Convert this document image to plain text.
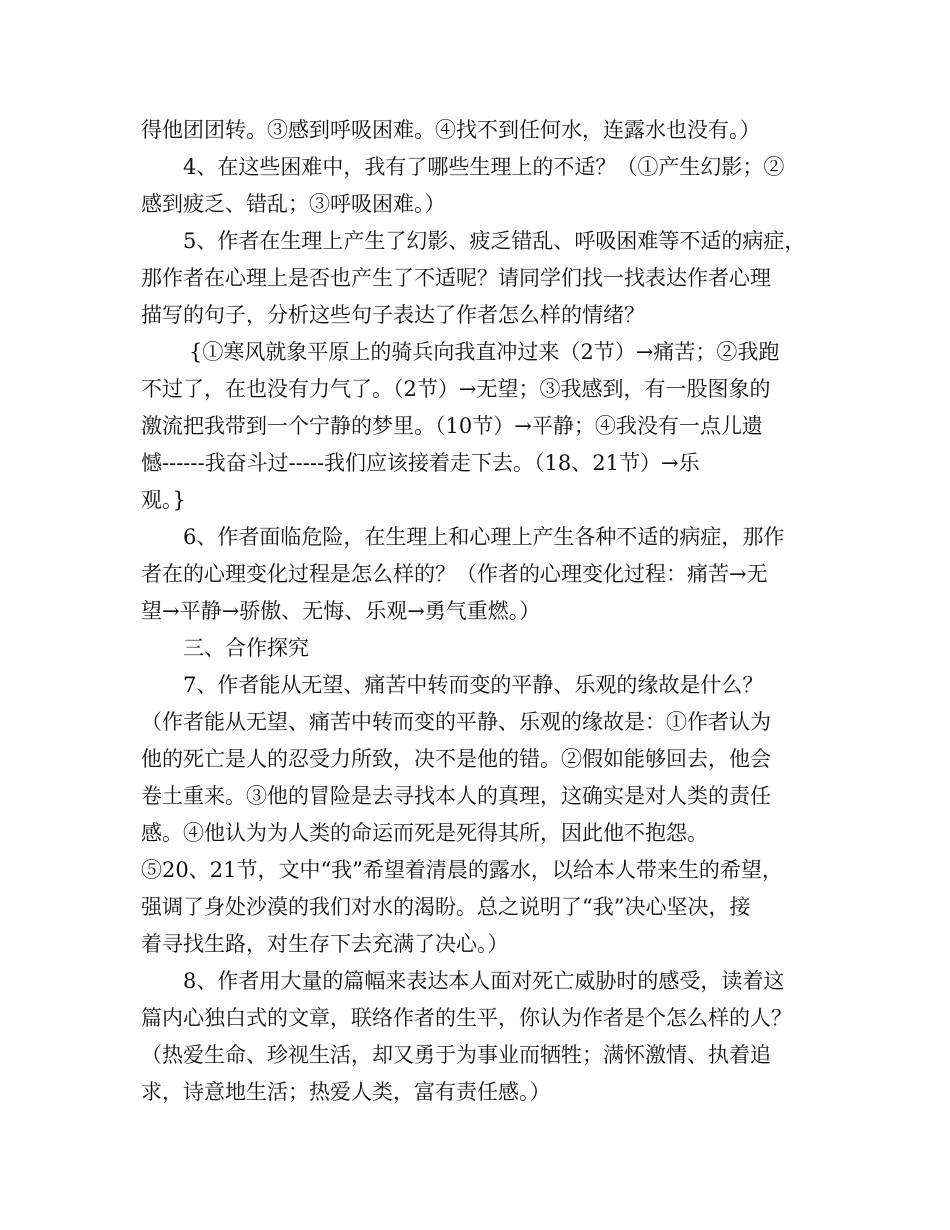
得他团团转。③感到呼吸困难。④找不到任何水，连露水也没有。）
4、在这些困难中，我有了哪些生理上的不适？（①产生幻影；②
感到疲乏、错乱；③呼吸困难。）
5、作者在生理上产生了幻影、疲乏错乱、呼吸困难等不适的病症，
那作者在心理上是否也产生了不适呢？请同学们找一找表达作者心理
描写的句子，分析这些句子表达了作者怎么样的情绪？
{①寒风就象平原上的骑兵向我直冲过来（2节）→痛苦；②我跑
不过了，在也没有力气了。（2节）→无望；③我感到，有一股图象的
激流把我带到一个宁静的梦里。（10节）→平静；④我没有一点儿遗
憾------我奋斗过-----我们应该接着走下去。（18、21节）→乐
观。}
6、作者面临危险，在生理上和心理上产生各种不适的病症，那作
者在的心理变化过程是怎么样的？（作者的心理变化过程：痛苦→无
望→平静→骄傲、无悔、乐观→勇气重燃。）
三、合作探究
7、作者能从无望、痛苦中转而变的平静、乐观的缘故是什么？
（作者能从无望、痛苦中转而变的平静、乐观的缘故是：①作者认为
他的死亡是人的忍受力所致，决不是他的错。②假如能够回去，他会
卷土重来。③他的冒险是去寻找本人的真理，这确实是对人类的责任
感。④他认为为人类的命运而死是死得其所，因此他不抱怨。
⑤20、21节，文中“我”希望着清晨的露水，以给本人带来生的希望，
强调了身处沙漠的我们对水的渴盼。总之说明了“我”决心坚决，接
着寻找生路，对生存下去充满了决心。）
8、作者用大量的篇幅来表达本人面对死亡威胁时的感受，读着这
篇内心独白式的文章，联络作者的生平，你认为作者是个怎么样的人？
（热爱生命、珍视生活，却又勇于为事业而牺牲；满怀激情、执着追
求，诗意地生活；热爱人类，富有责任感。）
